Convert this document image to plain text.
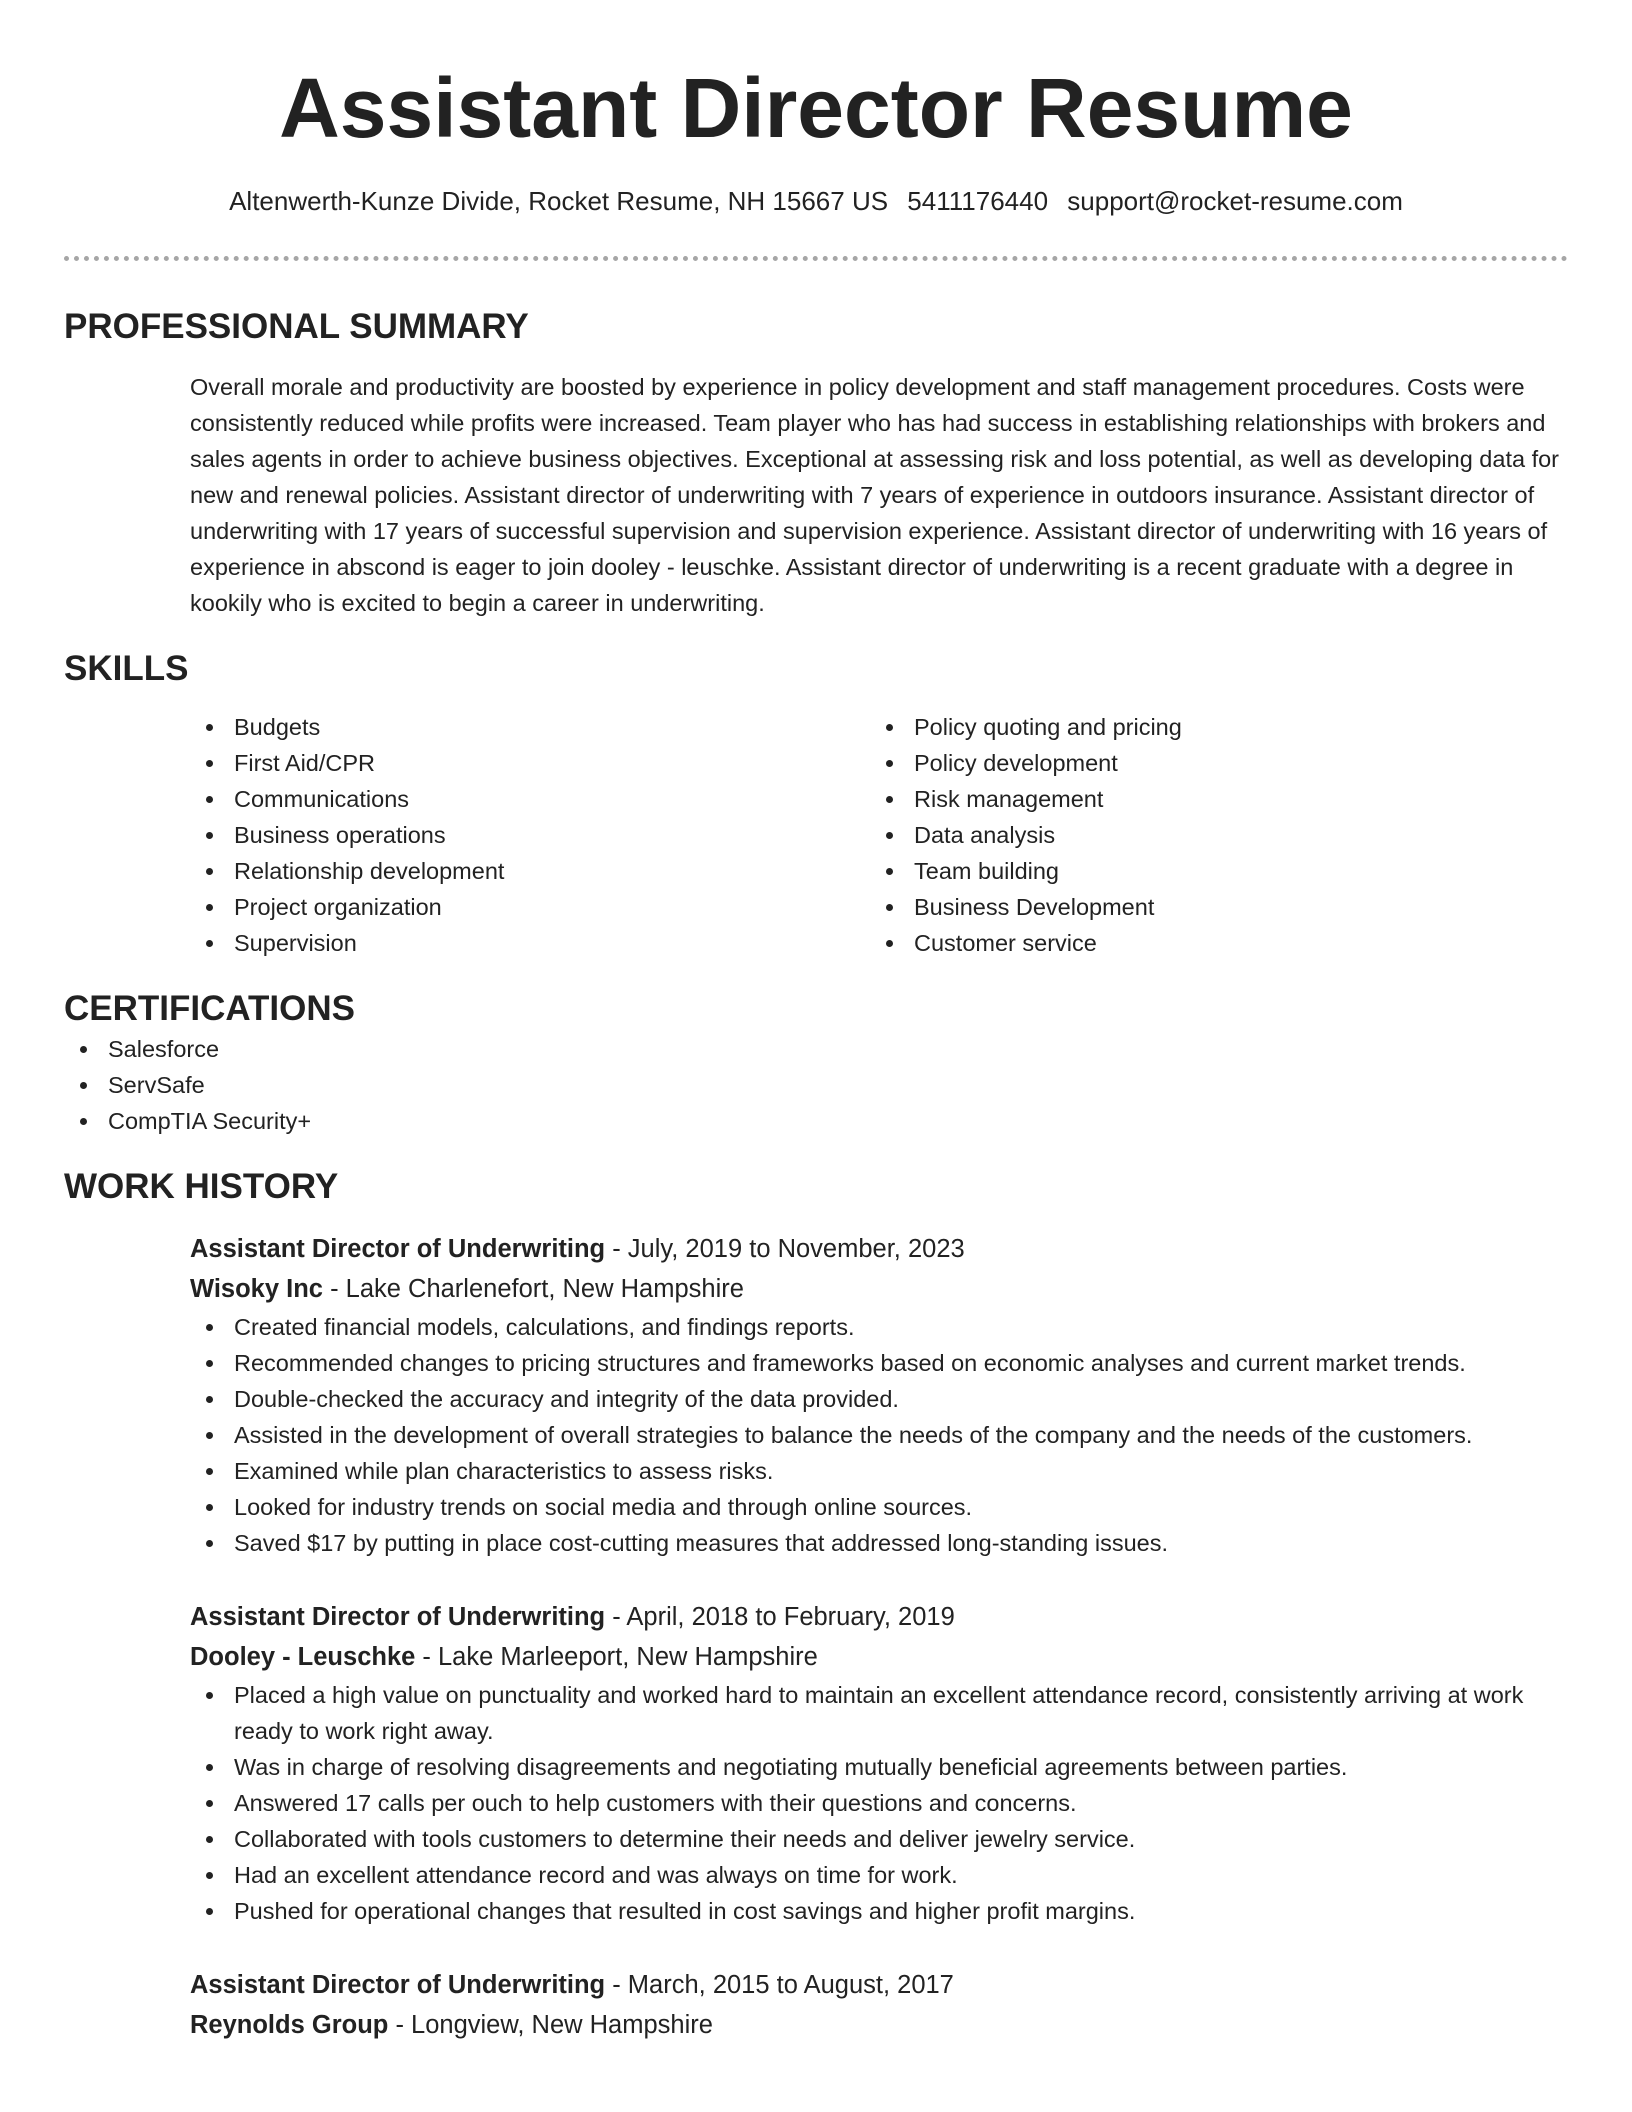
Assistant Director Resume
Altenwerth-Kunze Divide, Rocket Resume, NH 15667 US 5411176440 support@rocket-resume.com
PROFESSIONAL SUMMARY
Overall morale and productivity are boosted by experience in policy development and staff management procedures. Costs were consistently reduced while profits were increased. Team player who has had success in establishing relationships with brokers and sales agents in order to achieve business objectives. Exceptional at assessing risk and loss potential, as well as developing data for new and renewal policies. Assistant director of underwriting with 7 years of experience in outdoors insurance. Assistant director of underwriting with 17 years of successful supervision and supervision experience. Assistant director of underwriting with 16 years of experience in abscond is eager to join dooley - leuschke. Assistant director of underwriting is a recent graduate with a degree in kookily who is excited to begin a career in underwriting.
SKILLS
Budgets
First Aid/CPR
Communications
Business operations
Relationship development
Project organization
Supervision
Policy quoting and pricing
Policy development
Risk management
Data analysis
Team building
Business Development
Customer service
CERTIFICATIONS
Salesforce
ServSafe
CompTIA Security+
WORK HISTORY
Assistant Director of Underwriting - July, 2019 to November, 2023
Wisoky Inc - Lake Charlenefort, New Hampshire
Created financial models, calculations, and findings reports.
Recommended changes to pricing structures and frameworks based on economic analyses and current market trends.
Double-checked the accuracy and integrity of the data provided.
Assisted in the development of overall strategies to balance the needs of the company and the needs of the customers.
Examined while plan characteristics to assess risks.
Looked for industry trends on social media and through online sources.
Saved $17 by putting in place cost-cutting measures that addressed long-standing issues.
Assistant Director of Underwriting - April, 2018 to February, 2019
Dooley - Leuschke - Lake Marleeport, New Hampshire
Placed a high value on punctuality and worked hard to maintain an excellent attendance record, consistently arriving at work ready to work right away.
Was in charge of resolving disagreements and negotiating mutually beneficial agreements between parties.
Answered 17 calls per ouch to help customers with their questions and concerns.
Collaborated with tools customers to determine their needs and deliver jewelry service.
Had an excellent attendance record and was always on time for work.
Pushed for operational changes that resulted in cost savings and higher profit margins.
Assistant Director of Underwriting - March, 2015 to August, 2017
Reynolds Group - Longview, New Hampshire
